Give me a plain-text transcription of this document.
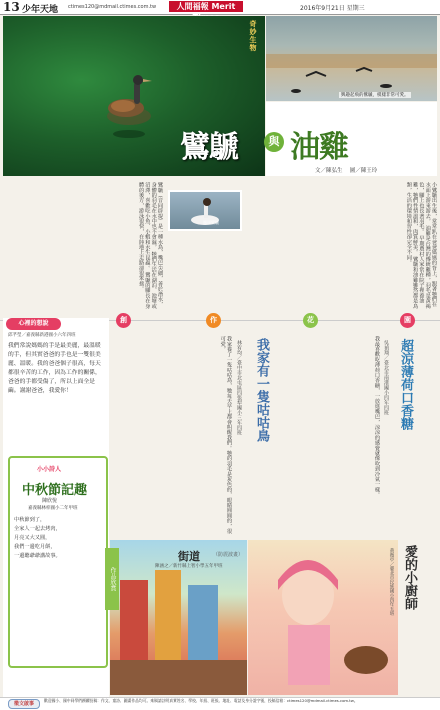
13 少年天地 ctimes120@mdmail.ctimes.com.tw	人間福報 Merit	2016年9月21日 星期三
奇妙生物
興趣起飛的鷿鷈，模樣非常可愛。
鷿鷈	與 油雞
文／陳弘生 　圖／陳王玲
鷿鷈（音同辟提）是一種水鳥，嘴巴尖細，善於潛水，身體的羽毛在水中也不會濕。 牠們生活在湖泊、池塘或沼澤，喜歡吃小魚、小蝦和水生昆蟲。 鷿鷈的腳長在身體的後方，游泳很快，在陸地上走路卻很笨拙。	鳳頭鷿鷈	小鷿鷈出生後，常常趴在爸爸媽媽的背上，跟著牠們在水面上游來游去。 油雞是台灣的傳統雞種，羽毛是黃褐色，腳上也長著羽毛。 早期農村人家常在院子裡養油雞，牠們性情溫和，肉質鮮美。 鷿鷈和油雞雖然都是鳥類，生活的環境和習性卻完全不同。
創	作	花	園
心裡的想說
邱芊瑩／嘉義縣新港國小六年四班
我們常說媽媽的手是最美麗，最溫暖的手，但其實爸爸的手也是一雙很美麗、溫暖。我的爸爸個子很高，每天都很辛苦的工作，因為工作的關係，爸爸的手都受傷了，所以上面全是繭。謝謝爸爸，我愛你！
小小詩人
中秋節記趣
陳欣悅
嘉義縣林梓國小二年甲班
中秋節到了，
全家人一起去烤肉，
月亮又大又圓，
我們一邊吃月餅，
一邊聽爺爺講故事。
我家養了一隻咕咕鳥，牠每天早上都會叫醒我們。牠的羽毛是灰色的，眼睛圓圓的，很可愛。	林宥均／臺中市北屯區四張犁國小三年四班 我家有一隻咕咕鳥	我最喜歡吃薄荷口香糖，一放進嘴巴，涼涼的感覺就像吹到冷氣一樣。 吳禎翔／臺北市南港國小四年四班 超涼薄荷口香糖
作品欣賞
街道	（防震波畫）
陳涵之／新竹縣上智小學五年甲班	愛的小廚師
黃薇亭／臺北市民族國小四年五班
徵文啟事
歡迎國小、國中同學們踴躍投稿：作文、童詩、圖畫作品均可。來稿請註明真實姓名、學校、年級、班級、地址、電話及身分證字號，投稿信箱：ctimes120@mdmail.ctimes.com.tw。
